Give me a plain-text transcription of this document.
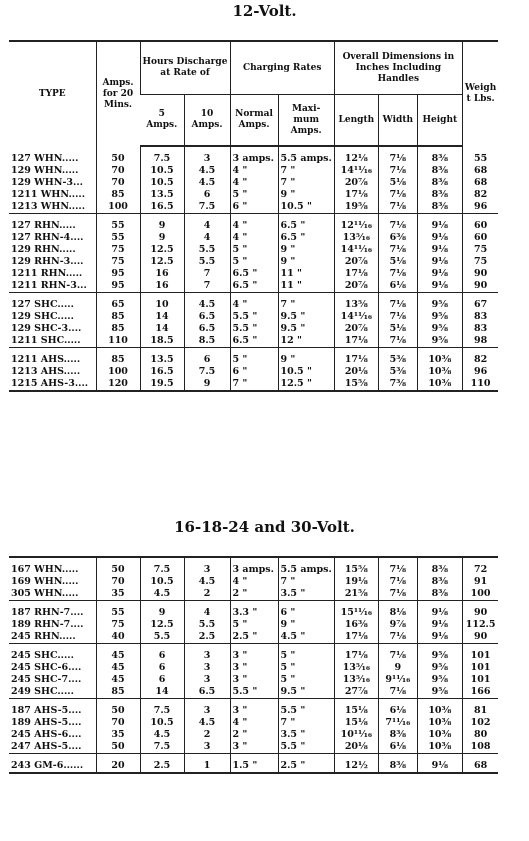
12-Volt.
TYPE	Amps. for 20 Mins.	Hours Discharge at Rate of		Charging Rates		Overall Dimensions in Inches Including Handles			Weigh t Lbs.
		5 Amps.	10 Amps.	Normal Amps.	Maxi- mum Amps.	Length	Width	Height	

127 WHN.....	50	7.5	3	3 amps.	5.5 amps.	12⅛	7⅛	8⅜	55
129 WHN.....	70	10.5	4.5	4 "	7 "	14¹¹⁄₁₆	7⅛	8⅜	68
129 WHN-3...	70	10.5	4.5	4 "	7 "	20⅞	5⅛	8⅜	68
1211 WHN.....	85	13.5	6	5 "	9 "	17⅛	7⅛	8⅜	82
1213 WHN.....	100	16.5	7.5	6 "	10.5 "	19⅝	7⅛	8⅜	96

127 RHN.....	55	9	4	4 "	6.5 "	12¹¹⁄₁₆	7⅛	9⅛	60
127 RHN-4....	55	9	4	4 "	6.5 "	13⁵⁄₁₆	6⅜	9⅛	60
129 RHN.....	75	12.5	5.5	5 "	9 "	14¹¹⁄₁₆	7⅛	9⅛	75
129 RHN-3....	75	12.5	5.5	5 "	9 "	20⅞	5⅛	9⅛	75
1211 RHN.....	95	16	7	6.5 "	11 "	17⅛	7⅛	9⅛	90
1211 RHN-3...	95	16	7	6.5 "	11 "	20⅞	6⅛	9⅛	90

127 SHC.....	65	10	4.5	4 "	7 "	13⅝	7⅛	9⅝	67
129 SHC.....	85	14	6.5	5.5 "	9.5 "	14¹¹⁄₁₆	7⅛	9⅝	83
129 SHC-3....	85	14	6.5	5.5 "	9.5 "	20⅞	5⅛	9⅝	83
1211 SHC.....	110	18.5	8.5	6.5 "	12 "	17⅛	7⅛	9⅝	98

1211 AHS.....	85	13.5	6	5 "	9 "	17⅛	5⅜	10⅜	82
1213 AHS.....	100	16.5	7.5	6 "	10.5 "	20⅛	5⅜	10⅜	96
1215 AHS-3....	120	19.5	9	7 "	12.5 "	15⅝	7⅜	10⅜	110
16-18-24 and 30-Volt.

167 WHN.....	50	7.5	3	3 amps.	5.5 amps.	15⅝	7⅛	8⅜	72
169 WHN.....	70	10.5	4.5	4 "	7 "	19⅛	7⅛	8⅜	91
305 WHN.....	35	4.5	2	2 "	3.5 "	21⅝	7⅛	8⅜	100

187 RHN-7....	55	9	4	3.3 "	6 "	15¹¹⁄₁₆	8⅛	9⅛	90
189 RHN-7....	75	12.5	5.5	5 "	9 "	16⅜	9⅞	9⅛	112.5
245 RHN.....	40	5.5	2.5	2.5 "	4.5 "	17⅛	7⅛	9⅛	90

245 SHC.....	45	6	3	3 "	5 "	17⅛	7⅛	9⅝	101
245 SHC-6....	45	6	3	3 "	5 "	13⁵⁄₁₆	9	9⅝	101
245 SHC-7....	45	6	3	3 "	5 "	13⁵⁄₁₆	9¹¹⁄₁₆	9⅝	101
249 SHC.....	85	14	6.5	5.5 "	9.5 "	27⅞	7⅛	9⅝	166

187 AHS-5....	50	7.5	3	3 "	5.5 "	15⅛	6⅛	10⅜	81
189 AHS-5....	70	10.5	4.5	4 "	7 "	15⅛	7¹¹⁄₁₆	10⅜	102
245 AHS-6....	35	4.5	2	2 "	3.5 "	10¹¹⁄₁₆	8⅜	10⅜	80
247 AHS-5....	50	7.5	3	3 "	5.5 "	20⅛	6⅛	10⅜	108

243 GM-6......	20	2.5	1	1.5 "	2.5 "	12½	8⅜	9⅛	68
